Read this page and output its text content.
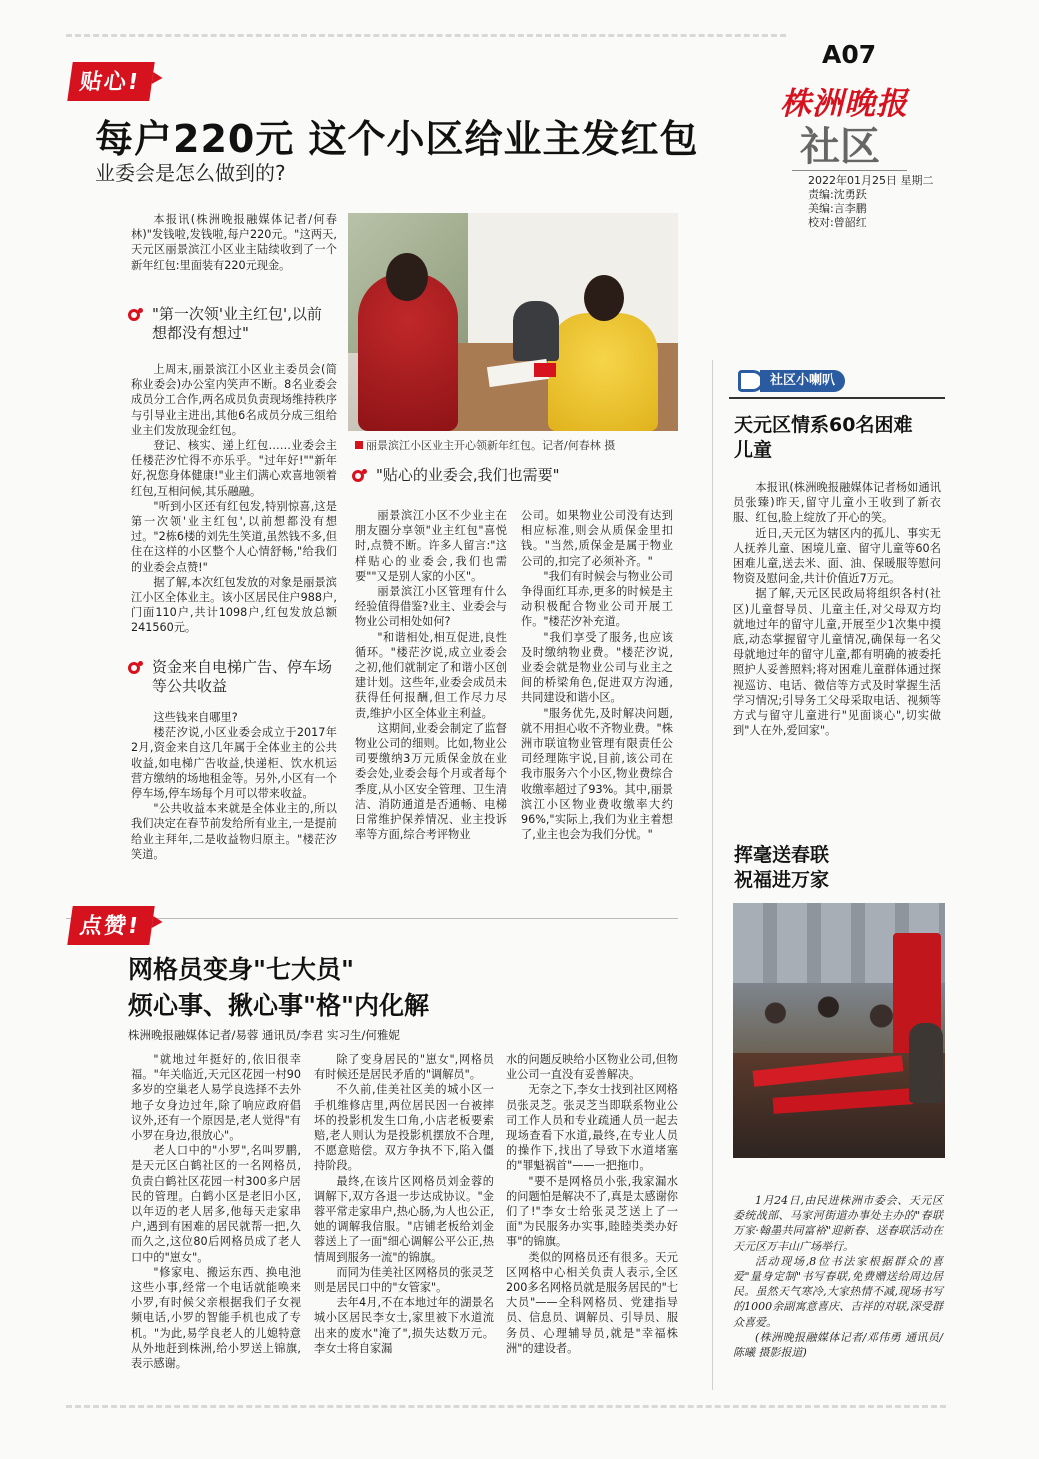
A07
株洲晚报
社区
2022年01月25日 星期二
责编:沈勇跃
美编:言李鹏
校对:曾韶红
贴心!
每户220元 这个小区给业主发红包
业委会是怎么做到的?

本报讯(株洲晚报融媒体记者/何春林)"发钱啦,发钱啦,每户220元。"这两天,天元区丽景滨江小区业主陆续收到了一个新年红包:里面装有220元现金。

"第一次领'业主红包',以前想都没有想过"

上周末,丽景滨江小区业主委员会(简称业委会)办公室内笑声不断。8名业委会成员分工合作,两名成员负责现场维持秩序与引导业主进出,其他6名成员分成三组给业主们发放现金红包。

登记、核实、递上红包……业委会主任楼茫汐忙得不亦乐乎。"过年好!""新年好,祝您身体健康!"业主们满心欢喜地领着红包,互相问候,其乐融融。

"听到小区还有红包发,特别惊喜,这是第一次领'业主红包',以前想都没有想过。"2栋6楼的刘先生笑道,虽然钱不多,但住在这样的小区整个人心情舒畅,"给我们的业委会点赞!"

据了解,本次红包发放的对象是丽景滨江小区全体业主。该小区居民住户988户,门面110户,共计1098户,红包发放总额241560元。

资金来自电梯广告、停车场等公共收益

这些钱来自哪里?

楼茫汐说,小区业委会成立于2017年2月,资金来自这几年属于全体业主的公共收益,如电梯广告收益,快递柜、饮水机运营方缴纳的场地租金等。另外,小区有一个停车场,停车场每个月可以带来收益。

"公共收益本来就是全体业主的,所以我们决定在春节前发给所有业主,一是提前给业主拜年,二是收益物归原主。"楼茫汐笑道。

丽景滨江小区业主开心领新年红包。记者/何春林 摄
"贴心的业委会,我们也需要"

丽景滨江小区不少业主在朋友圈分享领"业主红包"喜悦时,点赞不断。许多人留言:"这样贴心的业委会,我们也需要""又是别人家的小区"。

丽景滨江小区管理有什么经验值得借鉴?业主、业委会与物业公司相处如何?

"和谐相处,相互促进,良性循环。"楼茫汐说,成立业委会之初,他们就制定了和谐小区创建计划。这些年,业委会成员未获得任何报酬,但工作尽力尽责,维护小区全体业主利益。

这期间,业委会制定了监督物业公司的细则。比如,物业公司要缴纳3万元质保金放在业委会处,业委会每个月或者每个季度,从小区安全管理、卫生清洁、消防通道是否通畅、电梯日常维护保养情况、业主投诉率等方面,综合考评物业

公司。如果物业公司没有达到相应标准,则会从质保金里扣钱。"当然,质保金是属于物业公司的,扣完了必须补齐。"

"我们有时候会与物业公司争得面红耳赤,更多的时候是主动积极配合物业公司开展工作。"楼茫汐补充道。

"我们享受了服务,也应该及时缴纳物业费。"楼茫汐说,业委会就是物业公司与业主之间的桥梁角色,促进双方沟通,共同建设和谐小区。

"服务优先,及时解决问题,就不用担心收不齐物业费。"株洲市联谊物业管理有限责任公司经理陈宇说,目前,该公司在我市服务六个小区,物业费综合收缴率超过了93%。其中,丽景滨江小区物业费收缴率大约96%,"实际上,我们为业主着想了,业主也会为我们分忧。"

社区小喇叭
天元区情系60名困难儿童

本报讯(株洲晚报融媒体记者杨如通讯员张臻)昨天,留守儿童小王收到了新衣服、红包,脸上绽放了开心的笑。

近日,天元区为辖区内的孤儿、事实无人抚养儿童、困境儿童、留守儿童等60名困难儿童,送去米、面、油、保暖服等慰问物资及慰问金,共计价值近7万元。

据了解,天元区民政局将组织各村(社区)儿童督导员、儿童主任,对父母双方均就地过年的留守儿童,开展至少1次集中摸底,动态掌握留守儿童情况,确保每一名父母就地过年的留守儿童,都有明确的被委托照护人妥善照料;将对困难儿童群体通过探视巡访、电话、微信等方式及时掌握生活学习情况;引导务工父母采取电话、视频等方式与留守儿童进行"见面谈心",切实做到"人在外,爱回家"。

挥毫送春联 祝福进万家

1月24日,由民进株洲市委会、天元区委统战部、马家河街道办事处主办的"春联万家·翰墨共同富裕"迎新春、送春联活动在天元区万丰山广场举行。

活动现场,8位书法家根据群众的喜爱"量身定制"书写春联,免费赠送给周边居民。虽然天气寒冷,大家热情不减,现场书写的1000余副寓意喜庆、吉祥的对联,深受群众喜爱。

(株洲晚报融媒体记者/邓伟勇 通讯员/陈曦 摄影报道)

点赞!
网格员变身"七大员"
烦心事、揪心事"格"内化解
株洲晚报融媒体记者/易蓉 通讯员/李君 实习生/何雅妮

"就地过年挺好的,依旧很幸福。"年关临近,天元区花园一村90多岁的空巢老人易学良选择不去外地子女身边过年,除了响应政府倡议外,还有一个原因是,老人觉得"有小罗在身边,很放心"。

老人口中的"小罗",名叫罗鹏,是天元区白鹤社区的一名网格员,负责白鹤社区花园一村300多户居民的管理。白鹤小区是老旧小区,以年迈的老人居多,他每天走家串户,遇到有困难的居民就帮一把,久而久之,这位80后网格员成了老人口中的"崽女"。

"修家电、搬运东西、换电池这些小事,经常一个电话就能唤来小罗,有时候父亲根据我们子女视频电话,小罗的智能手机也成了专机。"为此,易学良老人的儿媳特意从外地赶到株洲,给小罗送上锦旗,表示感谢。

除了变身居民的"崽女",网格员有时候还是居民矛盾的"调解员"。

不久前,佳美社区美的城小区一手机维修店里,两位居民因一台被摔坏的投影机发生口角,小店老板要索赔,老人则认为是投影机摆放不合理,不愿意赔偿。双方争执不下,陷入僵持阶段。

最终,在该片区网格员刘金蓉的调解下,双方各退一步达成协议。"金蓉平常走家串户,热心肠,为人也公正,她的调解我信服。"店铺老板给刘金蓉送上了一面"细心调解公平公正,热情周到服务一流"的锦旗。

而同为佳美社区网格员的张灵芝则是居民口中的"女管家"。

去年4月,不在本地过年的湖景名城小区居民李女士,家里被下水道流出来的废水"淹了",损失达数万元。李女士将自家漏

水的问题反映给小区物业公司,但物业公司一直没有妥善解决。

无奈之下,李女士找到社区网格员张灵芝。张灵芝当即联系物业公司工作人员和专业疏通人员一起去现场查看下水道,最终,在专业人员的操作下,找出了导致下水道堵塞的"罪魁祸首"——一把拖巾。

"要不是网格员小张,我家漏水的问题怕是解决不了,真是太感谢你们了!"李女士给张灵芝送上了一面"为民服务办实事,睦睦类类办好事"的锦旗。

类似的网格员还有很多。天元区网格中心相关负责人表示,全区200多名网格员就是服务居民的"七大员"——全科网格员、党建指导员、信息员、调解员、引导员、服务员、心理辅导员,就是"幸福株洲"的建设者。
